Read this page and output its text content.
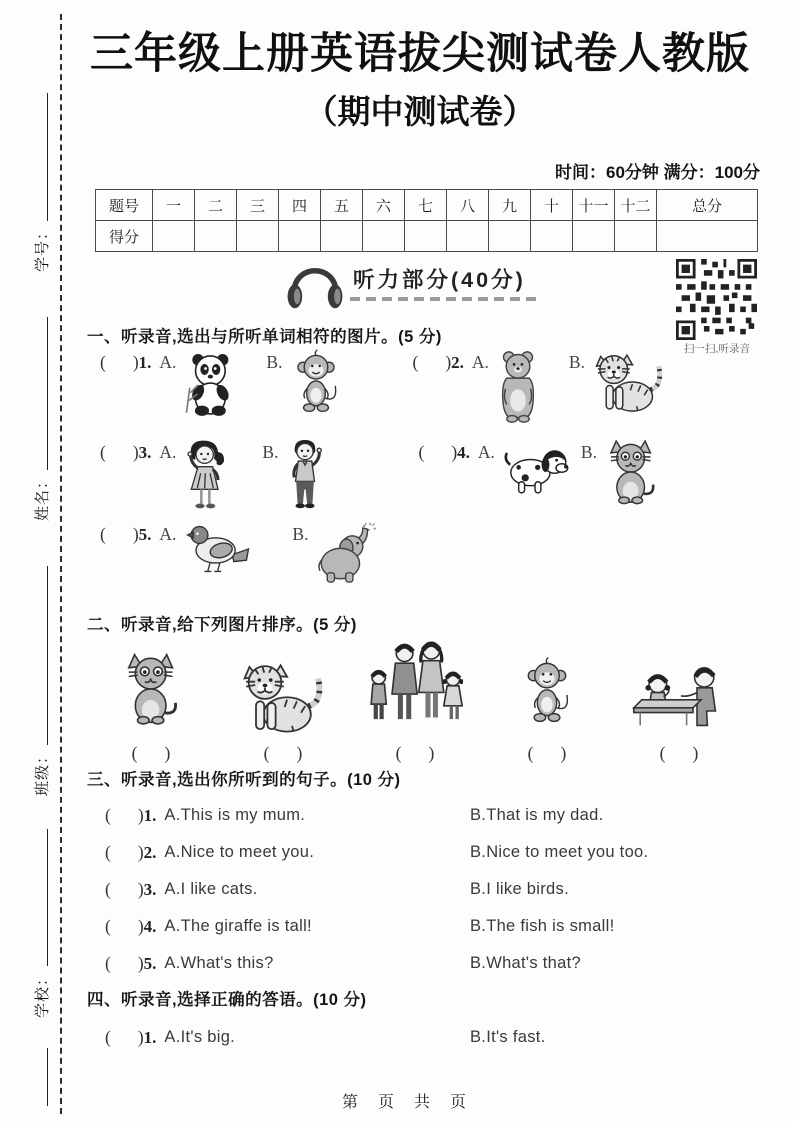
学校：
班级：
姓名：
学号：
三年级上册英语拔尖测试卷人教版
（期中测试卷）
时间：60分钟 满分：100分
题号	一	二	三	四	五	六	七	八	九	十	十一	十二	总分
得分													
听力部分(40分)
扫一扫,听录音
一、听录音,选出与所听单词相符的图片。(5 分)
( ) 1. A.	B.	( ) 2. A.	B.
( ) 3. A.	B.	( ) 4. A.	B.
( ) 5. A.	B.
二、听录音,给下列图片排序。(5 分)
( )	( )	( )	( )	( )
三、听录音,选出你所听到的句子。(10 分)
( ) 1. A.This is my mum.	B.That is my dad.
( ) 2. A.Nice to meet you.	B.Nice to meet you too.
( ) 3. A.I like cats.	B.I like birds.
( ) 4. A.The giraffe is tall!	B.The fish is small!
( ) 5. A.What's this?	B.What's that?
四、听录音,选择正确的答语。(10 分)
( ) 1. A.It's big.	B.It's fast.
第　页　共　页
